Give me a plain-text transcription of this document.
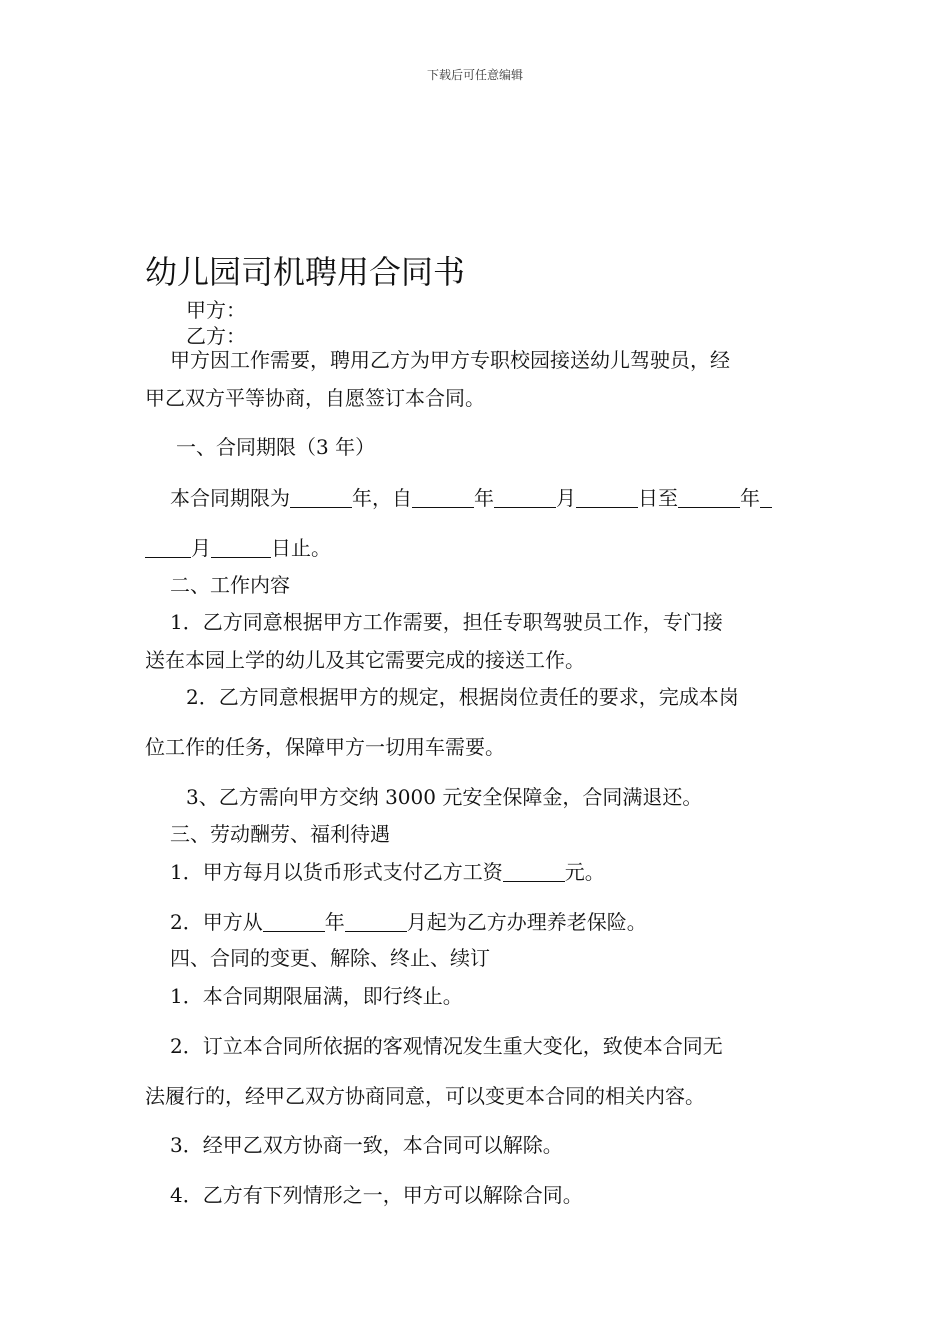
下载后可任意编辑
幼儿园司机聘用合同书
甲方：
乙方：
甲方因工作需要，聘用乙方为甲方专职校园接送幼儿驾驶员，经
甲乙双方平等协商，自愿签订本合同。
一、合同期限（3 年）
本合同期限为	年，自	年	月	日至	年
月	日止。
二、工作内容
1．乙方同意根据甲方工作需要，担任专职驾驶员工作，专门接
送在本园上学的幼儿及其它需要完成的接送工作。
2．乙方同意根据甲方的规定，根据岗位责任的要求，完成本岗
位工作的任务，保障甲方一切用车需要。
3、乙方需向甲方交纳 3000 元安全保障金，合同满退还。
三、劳动酬劳、福利待遇
1．甲方每月以货币形式支付乙方工资	元。
2．甲方从	年	月起为乙方办理养老保险。
四、合同的变更、解除、终止、续订
1．本合同期限届满，即行终止。
2．订立本合同所依据的客观情况发生重大变化，致使本合同无
法履行的，经甲乙双方协商同意，可以变更本合同的相关内容。
3．经甲乙双方协商一致，本合同可以解除。
4．乙方有下列情形之一，甲方可以解除合同。
